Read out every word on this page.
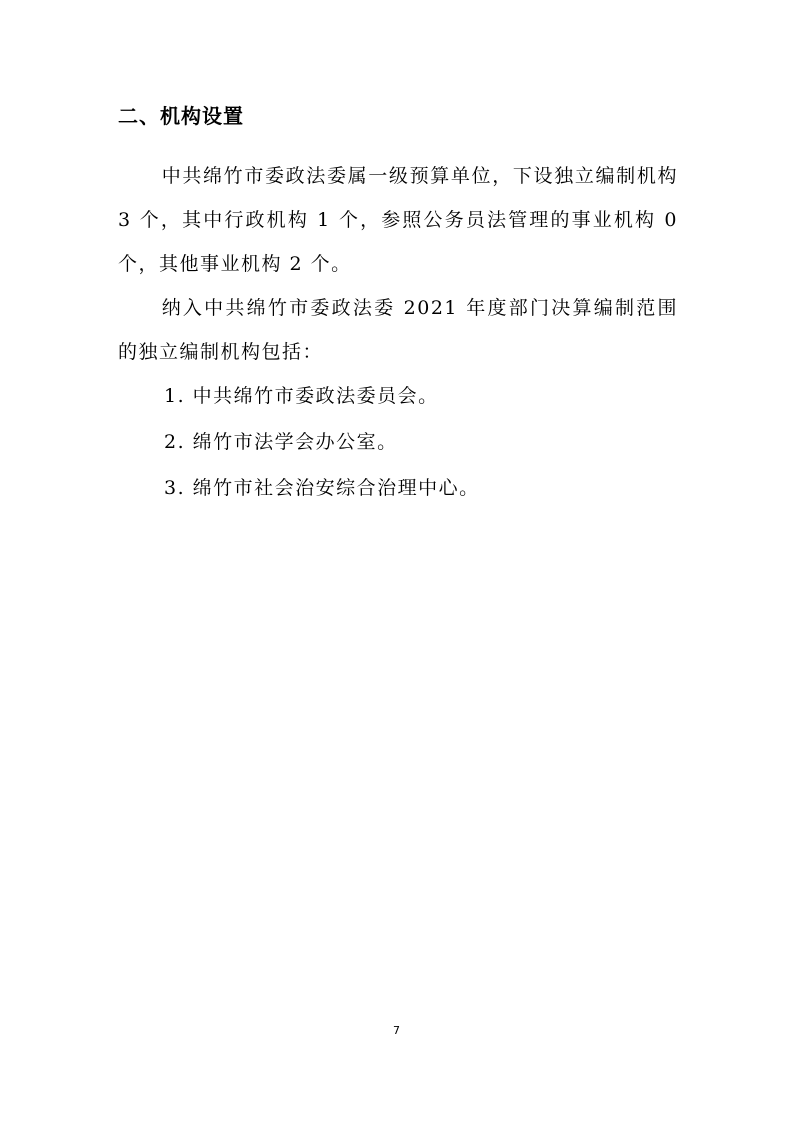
二、机构设置
中共绵竹市委政法委属一级预算单位，下设独立编制机构 3 个，其中行政机构 1 个，参照公务员法管理的事业机构 0 个，其他事业机构 2 个。
纳入中共绵竹市委政法委 2021 年度部门决算编制范围的独立编制机构包括：
1. 中共绵竹市委政法委员会。
2. 绵竹市法学会办公室。
3. 绵竹市社会治安综合治理中心。
7
